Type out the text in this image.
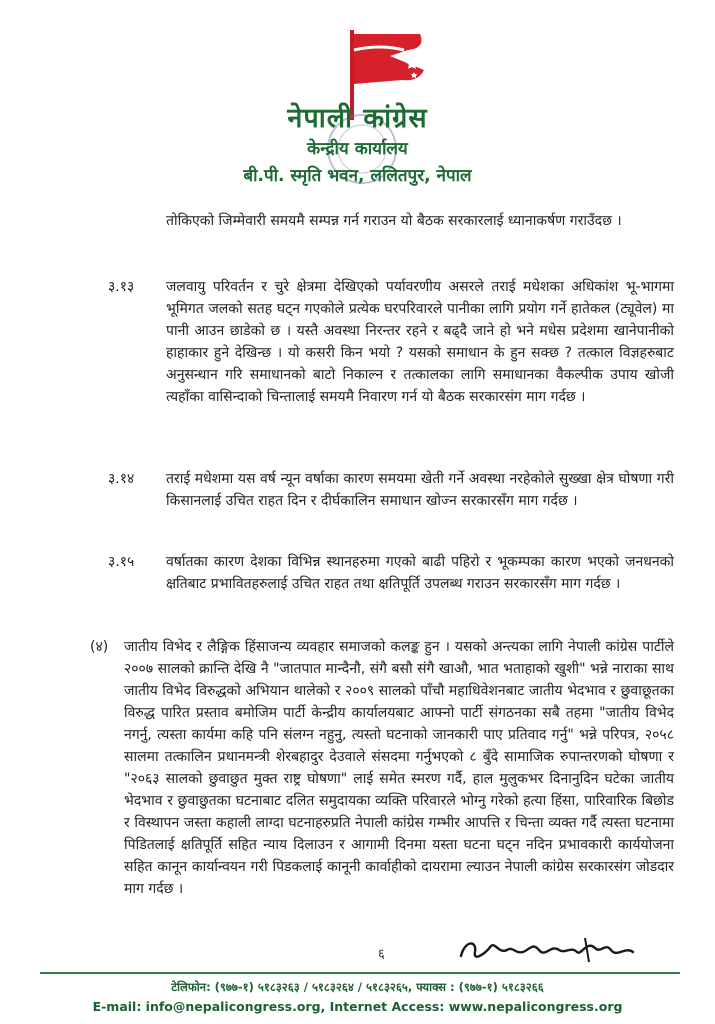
नेपाली कांग्रेस
केन्द्रीय कार्यालय
बी.पी. स्मृति भवन, ललितपुर, नेपाल

तोकिएको जिम्मेवारी समयमै सम्पन्न गर्न गराउन यो बैठक सरकारलाई ध्यानाकर्षण गराउँदछ ।

३.१३ जलवायु परिवर्तन र चुरे क्षेत्रमा देखिएको पर्यावरणीय असरले तराई मधेशका अधिकांश भू-भागमा भूमिगत जलको सतह घट्न गएकोले प्रत्येक घरपरिवारले पानीका लागि प्रयोग गर्ने हातेकल (ट्यूवेल) मा पानी आउन छाडेको छ । यस्तै अवस्था निरन्तर रहने र बढ्दै जाने हो भने मधेस प्रदेशमा खानेपानीको हाहाकार हुने देखिन्छ । यो कसरी किन भयो ? यसको समाधान के हुन सक्छ ? तत्काल विज्ञहरुबाट अनुसन्धान गरि समाधानको बाटो निकाल्न र तत्कालका लागि समाधानका वैकल्पीक उपाय खोजी त्यहाँका वासिन्दाको चिन्तालाई समयमै निवारण गर्न यो बैठक सरकारसंग माग गर्दछ ।

३.१४ तराई मधेशमा यस वर्ष न्यून वर्षाका कारण समयमा खेती गर्ने अवस्था नरहेकोले सुख्खा क्षेत्र घोषणा गरी किसानलाई उचित राहत दिन र दीर्घकालिन समाधान खोज्न सरकारसँग माग गर्दछ ।

३.१५ वर्षातका कारण देशका विभिन्न स्थानहरुमा गएको बाढी पहिरो र भूकम्पका कारण भएको जनधनको क्षतिबाट प्रभावितहरुलाई उचित राहत तथा क्षतिपूर्ति उपलब्ध गराउन सरकारसँग माग गर्दछ ।

(४) जातीय विभेद र लैङ्गिक हिंसाजन्य व्यवहार समाजको कलङ्क हुन । यसको अन्त्यका लागि नेपाली कांग्रेस पार्टीले २००७ सालको क्रान्ति देखि नै "जातपात मान्दैनौ, संगै बसौ संगै खाऔ, भात भताहाको खुशी" भन्ने नाराका साथ जातीय विभेद विरुद्धको अभियान थालेको र २००९ सालको पाँचौ महाधिवेशनबाट जातीय भेदभाव र छुवाछूतका विरुद्ध पारित प्रस्ताव बमोजिम पार्टी केन्द्रीय कार्यालयबाट आफ्नो पार्टी संगठनका सबै तहमा "जातीय विभेद नगर्नु, त्यस्ता कार्यमा कहि पनि संलग्न नहुनु, त्यस्तो घटनाको जानकारी पाए प्रतिवाद गर्नु" भन्ने परिपत्र, २०५८ सालमा तत्कालिन प्रधानमन्त्री शेरबहादुर देउवाले संसदमा गर्नुभएको ८ बुँदे सामाजिक रुपान्तरणको घोषणा र "२०६३ सालको छुवाछुत मुक्त राष्ट्र घोषणा" लाई समेत स्मरण गर्दै, हाल मुलुकभर दिनानुदिन घटेका जातीय भेदभाव र छुवाछुतका घटनाबाट दलित समुदायका व्यक्ति परिवारले भोग्नु गरेको हत्या हिंसा, पारिवारिक बिछोड र विस्थापन जस्ता कहाली लाग्दा घटनाहरुप्रति नेपाली कांग्रेस गम्भीर आपत्ति र चिन्ता व्यक्त गर्दै त्यस्ता घटनामा पिडितलाई क्षतिपूर्ति सहित न्याय दिलाउन र आगामी दिनमा यस्ता घटना घट्न नदिन प्रभावकारी कार्ययोजना सहित कानून कार्यान्वयन गरी पिडकलाई कानूनी कार्वाहीको दायरामा ल्याउन नेपाली कांग्रेस सरकारसंग जोडदार माग गर्दछ ।

६
टेलिफोन: (९७७-१) ५१८३२६३ / ५१८३२६४ / ५१८३२६५, फ्याक्स : (९७७-१) ५१८३२६६
E-mail: info@nepalicongress.org, Internet Access: www.nepalicongress.org
